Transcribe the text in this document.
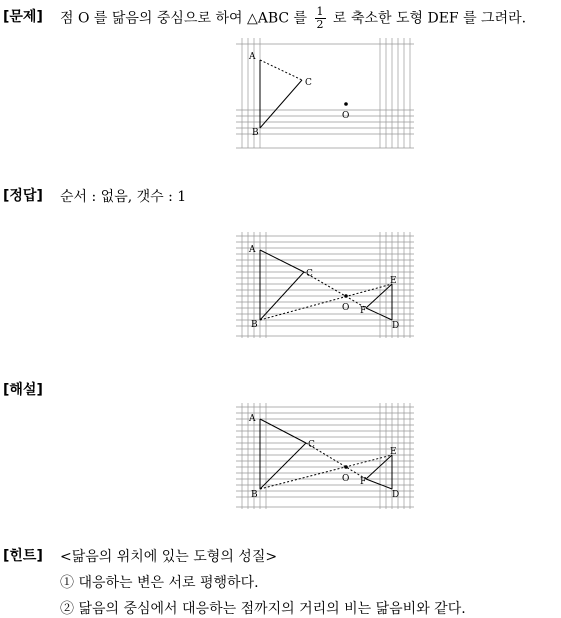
[문제] 점 O 를 닮음의 중심으로 하여 △ABC 를 $\frac{1}{2}$ 로 축소한 도형 DEF 를 그려라.
A
B
C
O
[정답] 순서 : 없음, 갯수 : 1
A
B
C
O
E
F
D
[해설]
A
B
C
O
E
F
D
[힌트] <닮음의 위치에 있는 도형의 성질>
① 대응하는 변은 서로 평행하다.
② 닮음의 중심에서 대응하는 점까지의 거리의 비는 닮음비와 같다.
